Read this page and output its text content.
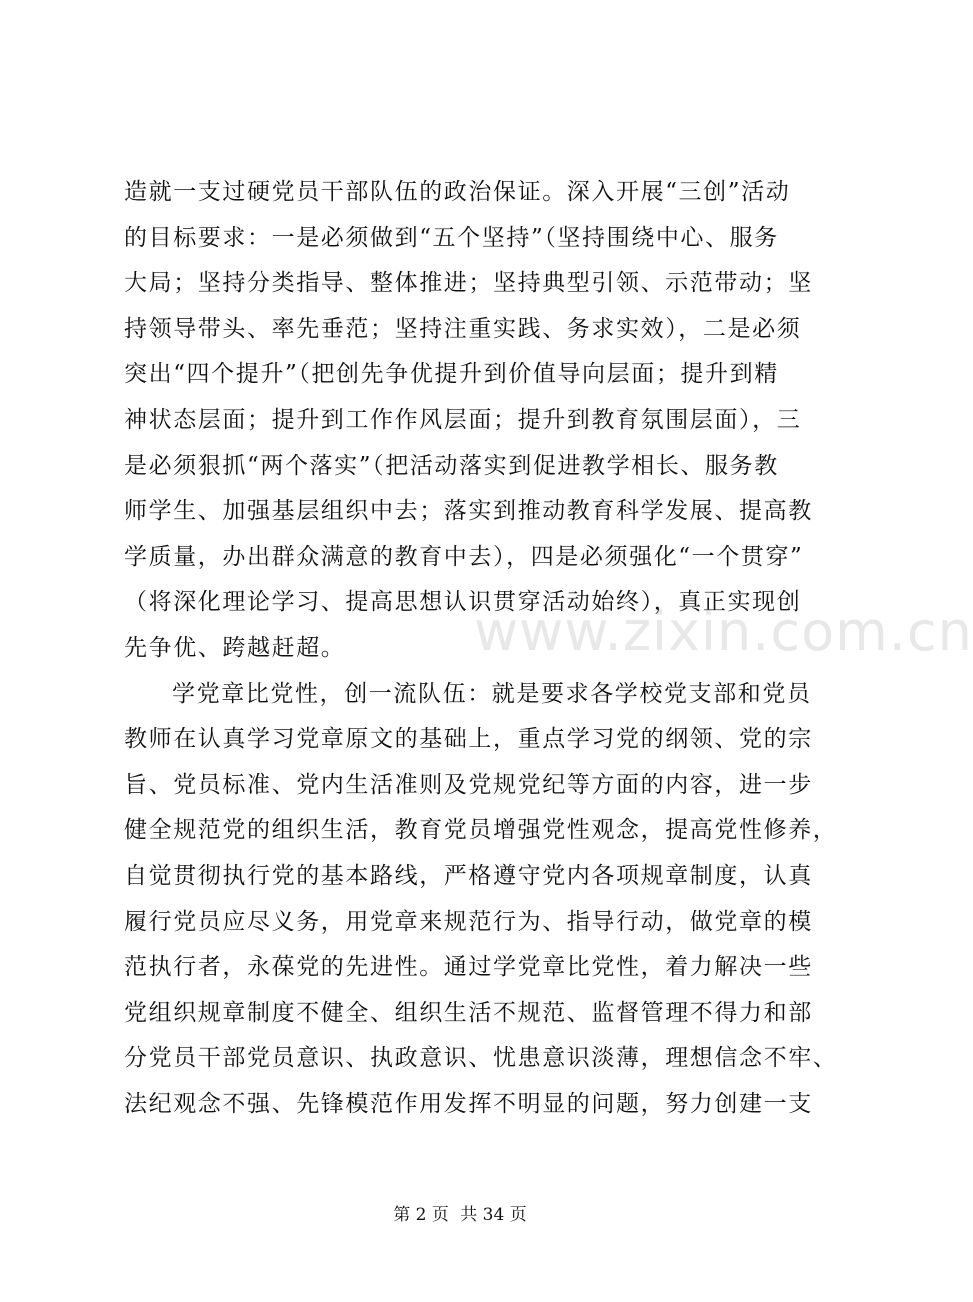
造就一支过硬党员干部队伍的政治保证。深入开展“三创”活动
的目标要求：一是必须做到“五个坚持”（坚持围绕中心、服务
大局；坚持分类指导、整体推进；坚持典型引领、示范带动；坚
持领导带头、率先垂范；坚持注重实践、务求实效），二是必须
突出“四个提升”（把创先争优提升到价值导向层面；提升到精
神状态层面；提升到工作作风层面；提升到教育氛围层面），三
是必须狠抓“两个落实”（把活动落实到促进教学相长、服务教
师学生、加强基层组织中去；落实到推动教育科学发展、提高教
学质量，办出群众满意的教育中去），四是必须强化“一个贯穿”
（将深化理论学习、提高思想认识贯穿活动始终），真正实现创
先争优、跨越赶超。
学党章比党性，创一流队伍：就是要求各学校党支部和党员
教师在认真学习党章原文的基础上，重点学习党的纲领、党的宗
旨、党员标准、党内生活准则及党规党纪等方面的内容，进一步
健全规范党的组织生活，教育党员增强党性观念，提高党性修养，
自觉贯彻执行党的基本路线，严格遵守党内各项规章制度，认真
履行党员应尽义务，用党章来规范行为、指导行动，做党章的模
范执行者，永葆党的先进性。通过学党章比党性，着力解决一些
党组织规章制度不健全、组织生活不规范、监督管理不得力和部
分党员干部党员意识、执政意识、忧患意识淡薄，理想信念不牢、
法纪观念不强、先锋模范作用发挥不明显的问题，努力创建一支
www.zixin.com.cn
第 2 页 共 34 页
